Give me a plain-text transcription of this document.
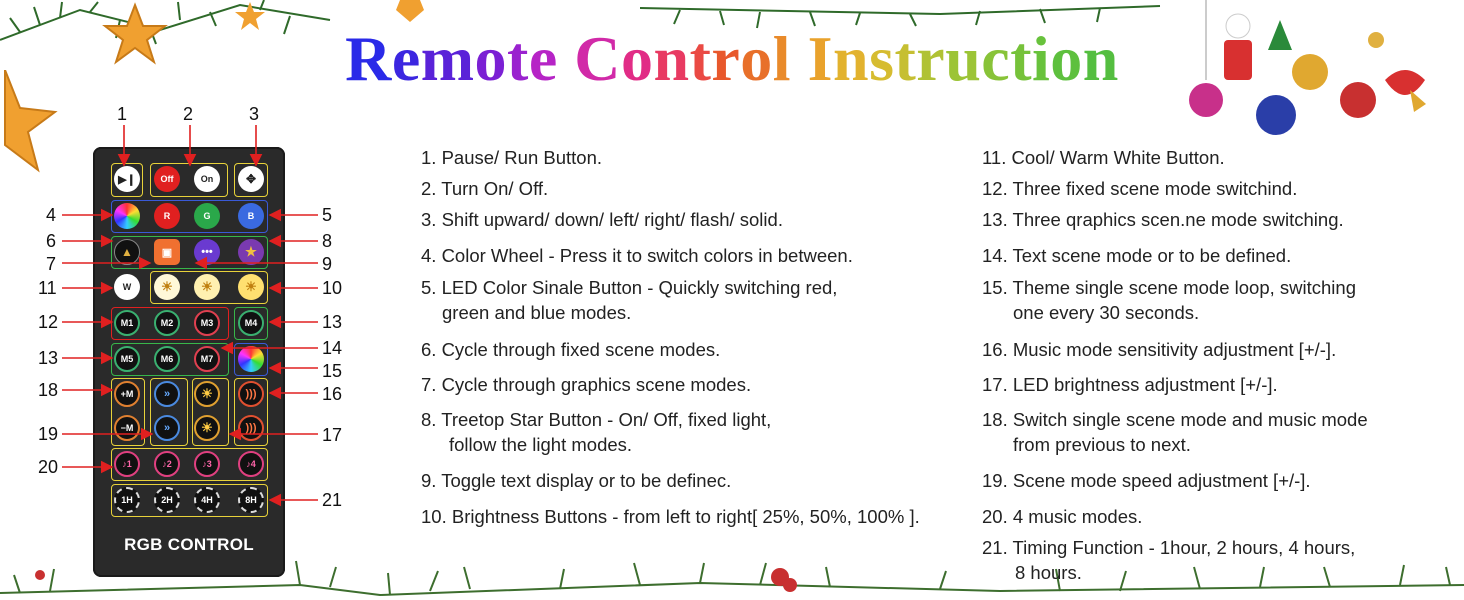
Remote Control Instruction
▶❙	Off	On	✥
R	G	B
▲	▣	•••	★
W	☀	☀	☀
M1	M2	M3	M4
M5	M6	M7
+M
−M
»
»
☀
☀
)))
)))
♪ 1	♪ 2	♪ 3	♪ 4
1H	2H	4H	8H
RGB CONTROL
1	2	3
4	5
6
7
8
9
11	10
12	13
13	14
15
18	16
19	17
20
21
1. Pause/ Run Button.
2. Turn On/ Off.
3. Shift upward/ down/ left/ right/ flash/ solid.
4. Color Wheel - Press it to switch colors in between.
5. LED Color Sinale Button - Quickly switching red,
green and blue modes.
6. Cycle through fixed scene modes.
7. Cycle through graphics scene modes.
8. Treetop Star Button - On/ Off, fixed light,
follow the light modes.
9. Toggle text display or to be definec.
10. Brightness Buttons - from left to right[ 25%, 50%, 100% ].
11. Cool/ Warm White Button.
12. Three fixed scene mode switchind.
13. Three qraphics scen.ne mode switching.
14. Text scene mode or to be defined.
15. Theme single scene mode loop, switching
one every 30 seconds.
16. Music mode sensitivity adjustment [+/-].
17. LED brightness adjustment [+/-].
18. Switch single scene mode and music mode
from previous to next.
19. Scene mode speed adjustment [+/-].
20. 4 music modes.
21. Timing Function - 1hour, 2 hours, 4 hours,
8 hours.
